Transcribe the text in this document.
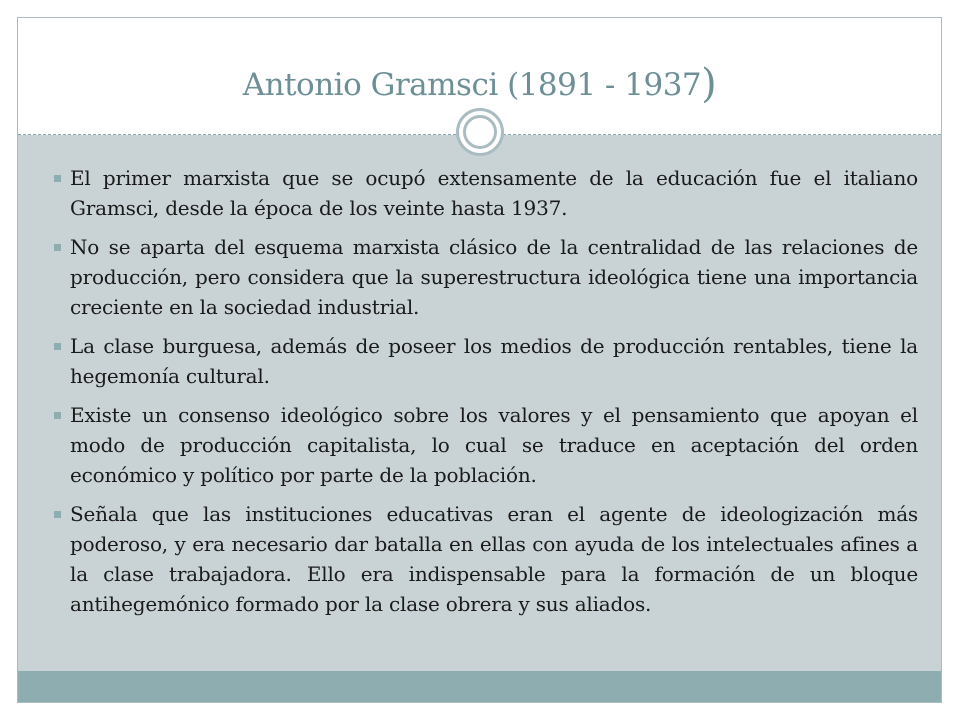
Antonio Gramsci (1891 - 1937)
El primer marxista que se ocupó extensamente de la educación fue el italiano Gramsci, desde la época de los veinte hasta 1937.
No se aparta del esquema marxista clásico de la centralidad de las relaciones de producción, pero considera que la superestructura ideológica tiene una importancia creciente en la sociedad industrial.
La clase burguesa, además de poseer los medios de producción rentables, tiene la hegemonía cultural.
Existe un consenso ideológico sobre los valores y el pensamiento que apoyan el modo de producción capitalista, lo cual se traduce en aceptación del orden económico y político por parte de la población.
Señala que las instituciones educativas eran el agente de ideologización más poderoso, y era necesario dar batalla en ellas con ayuda de los intelectuales afines a la clase trabajadora. Ello era indispensable para la formación de un bloque antihegemónico formado por la clase obrera y sus aliados.
